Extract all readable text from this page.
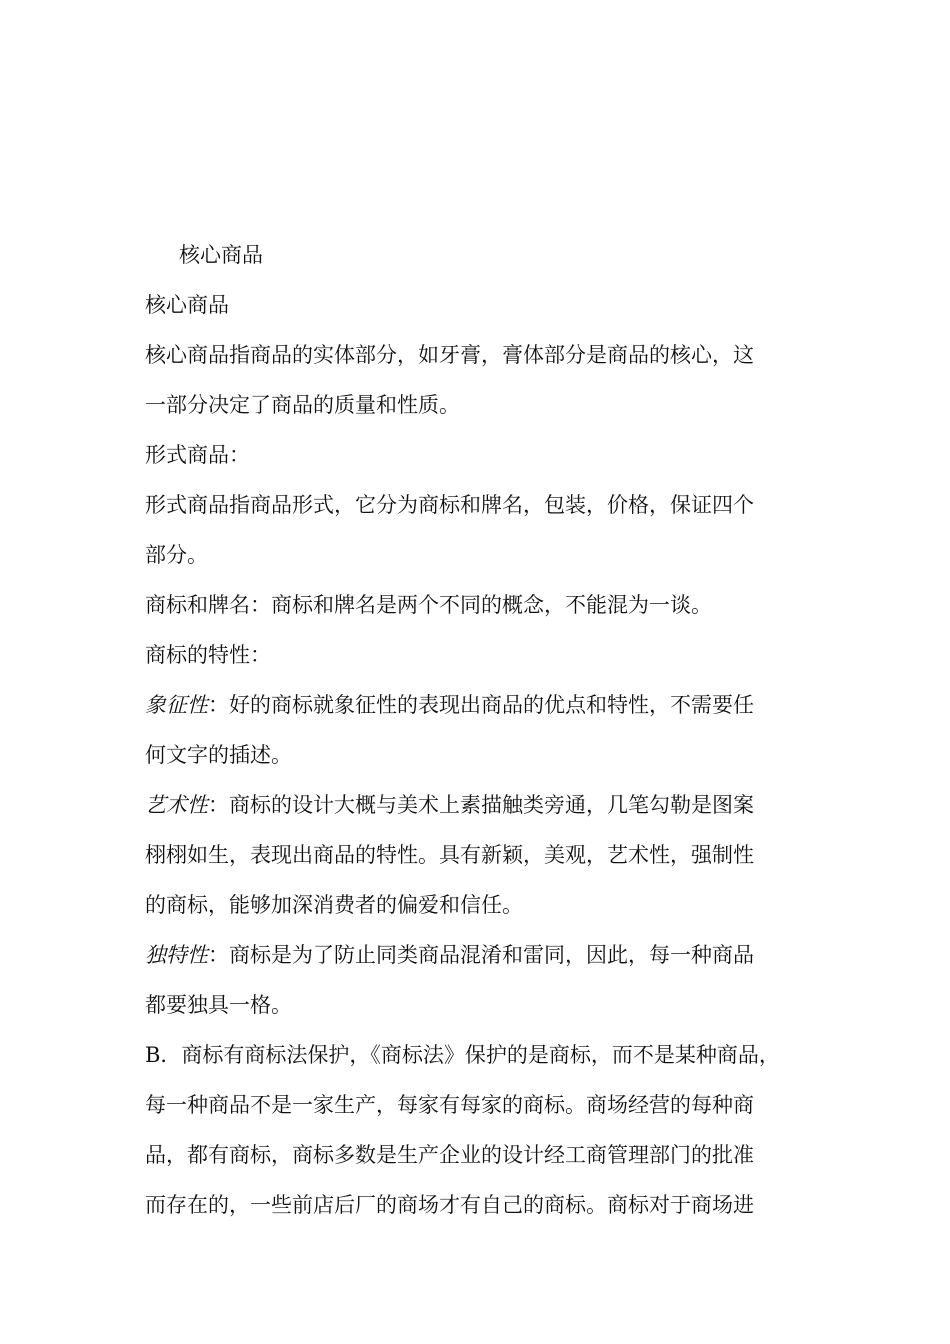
核心商品
核心商品
核心商品指商品的实体部分，如牙膏，膏体部分是商品的核心，这
一部分决定了商品的质量和性质。
形式商品：
形式商品指商品形式，它分为商标和牌名，包装，价格，保证四个
部分。
商标和牌名：商标和牌名是两个不同的概念，不能混为一谈。
商标的特性：
象征性：好的商标就象征性的表现出商品的优点和特性，不需要任
何文字的插述。
艺术性：商标的设计大概与美术上素描触类旁通，几笔勾勒是图案
栩栩如生，表现出商品的特性。具有新颖，美观，艺术性，强制性
的商标，能够加深消费者的偏爱和信任。
独特性：商标是为了防止同类商品混淆和雷同，因此，每一种商品
都要独具一格。
B．商标有商标法保护，《商标法》保护的是商标，而不是某种商品，
每一种商品不是一家生产，每家有每家的商标。商场经营的每种商
品，都有商标，商标多数是生产企业的设计经工商管理部门的批准
而存在的，一些前店后厂的商场才有自己的商标。商标对于商场进
